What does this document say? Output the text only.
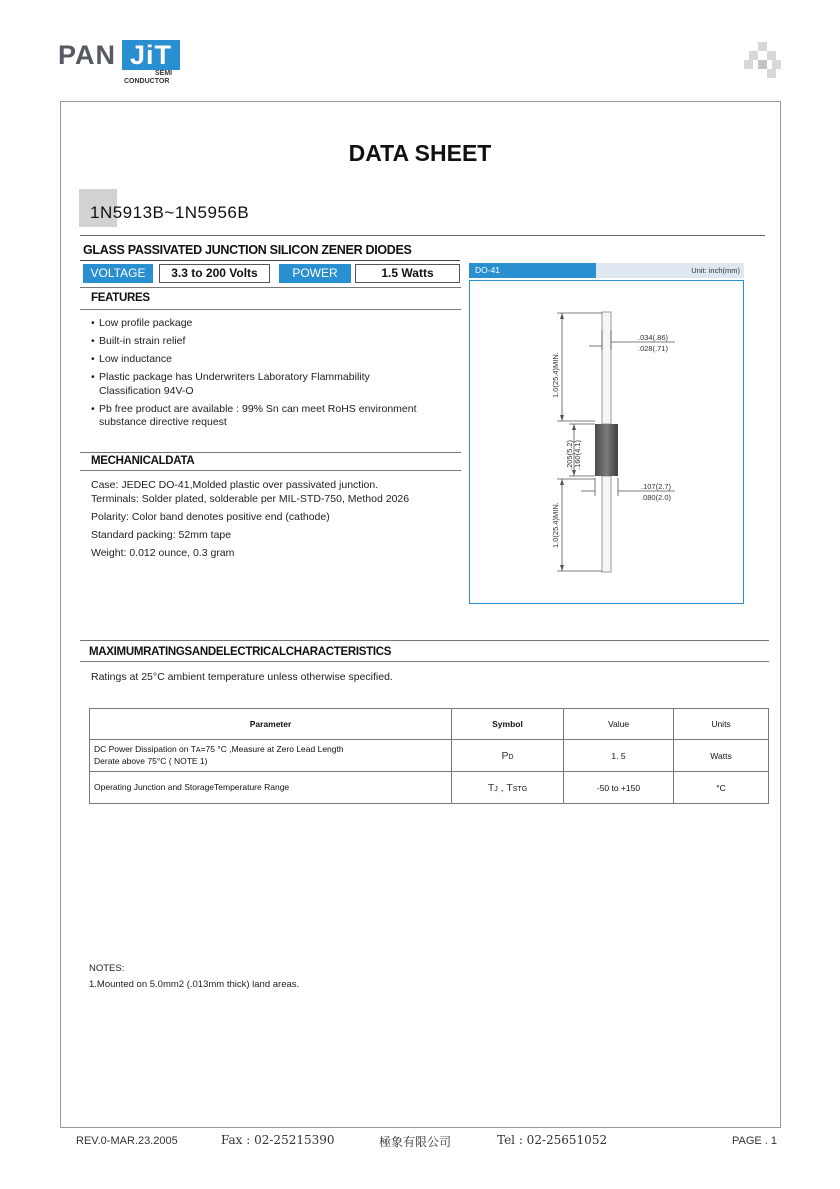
PAN JiT
SEMI
CONDUCTOR
DATA SHEET
1N5913B~1N5956B
GLASS PASSIVATED JUNCTION SILICON ZENER DIODES
VOLTAGE	3.3 to 200 Volts	POWER	1.5 Watts
FEATURES
• Low profile package
• Built-in strain relief
• Low inductance
• Plastic package has Underwriters Laboratory Flammability Classification 94V-O
• Pb free product are available : 99% Sn can meet RoHS environment substance directive request
MECHANICALDATA
Case: JEDEC DO-41,Molded plastic over passivated junction.
Terminals: Solder plated, solderable per MIL-STD-750, Method 2026
Polarity: Color band denotes positive end (cathode)
Standard packing: 52mm tape
Weight: 0.012 ounce, 0.3 gram
DO-41	Unit: inch(mm)
1.0(25.4)MIN.
1.0(25.4)MIN.
.205(5.2) .160(4.1)
.034(.86)
.028(.71)
.107(2.7)
.080(2.0)
MAXIMUMRATINGSANDELECTRICALCHARACTERISTICS
Ratings at 25°C ambient temperature unless otherwise specified.
Parameter	Symbol	Value	Units

DC Power Dissipation on TA=75 °C ,Measure at Zero Lead Length
Derate above 75°C ( NOTE 1)	PD	1. 5	Watts
Operating Junction and StorageTemperature Range	TJ , TSTG	-50 to +150	°C
NOTES:
1.Mounted on 5.0mm2 (.013mm thick) land areas.
REV.0-MAR.23.2005	Fax : 02-25215390	極象有限公司	Tel : 02-25651052	PAGE . 1
